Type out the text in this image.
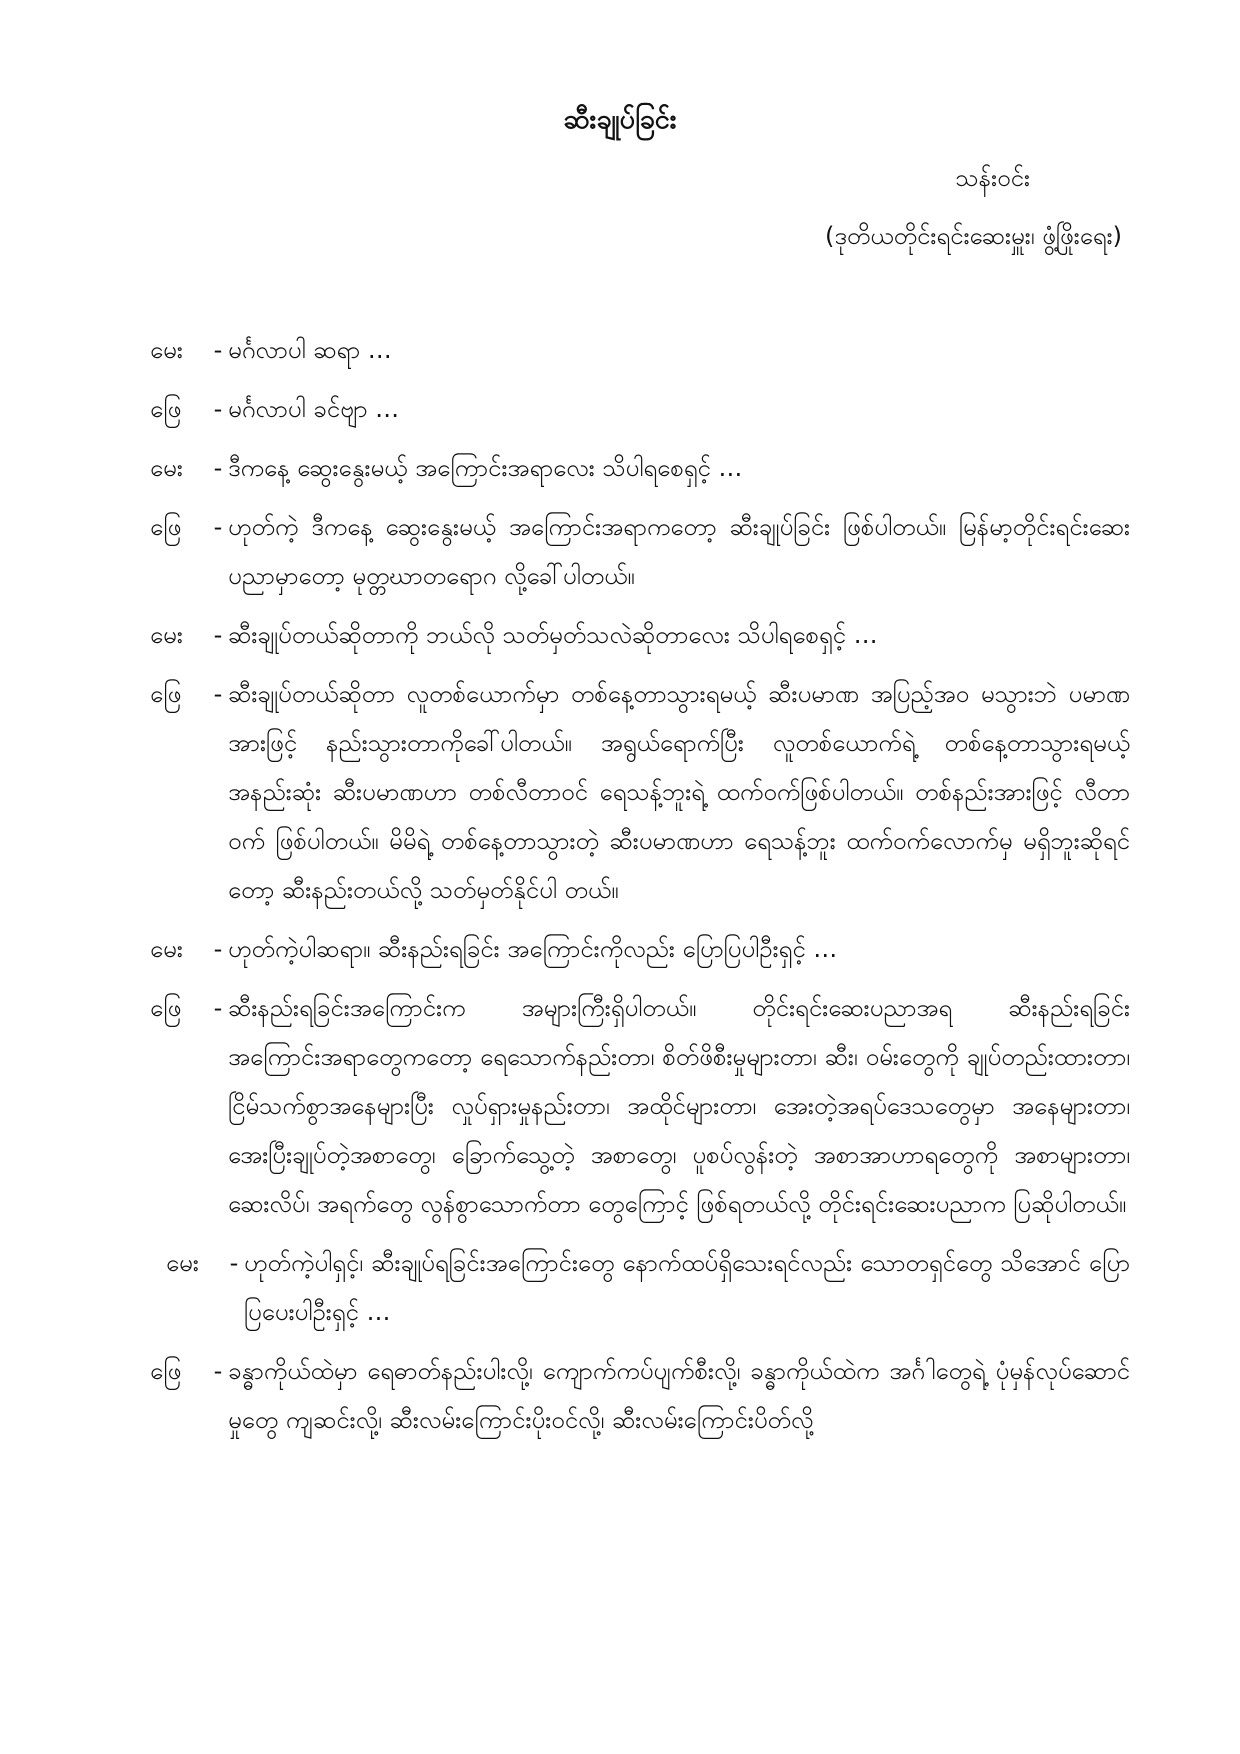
ဆီးချုပ်ခြင်း
သန်းဝင်း
(ဒုတိယတိုင်းရင်းဆေးမှူး၊ ဖွံ့ဖြိုးရေး)
မေး	- မင်္ဂလာပါ ဆရာ …
ဖြေ	- မင်္ဂလာပါ ခင်ဗျာ …
မေး	- ဒီကနေ့ ဆွေးနွေးမယ့် အကြောင်းအရာလေး သိပါရစေရှင့် …
ဖြေ	- ဟုတ်ကဲ့ ဒီကနေ့ ဆွေးနွေးမယ့် အကြောင်းအရာကတော့ ဆီးချုပ်ခြင်း ဖြစ်ပါတယ်။ မြန်မာ့တိုင်းရင်းဆေးပညာမှာတော့ မုတ္တဃာတရောဂ လို့ခေါ်ပါတယ်။
မေး	- ဆီးချုပ်တယ်ဆိုတာကို ဘယ်လို သတ်မှတ်သလဲဆိုတာလေး သိပါရစေရှင့် …
ဖြေ	- ဆီးချုပ်တယ်ဆိုတာ လူတစ်ယောက်မှာ တစ်နေ့တာသွားရမယ့် ဆီးပမာဏ အပြည့်အဝ မသွားဘဲ ပမာဏအားဖြင့် နည်းသွားတာကိုခေါ်ပါတယ်။ အရွယ်ရောက်ပြီး လူတစ်ယောက်ရဲ့ တစ်နေ့တာသွားရမယ့် အနည်းဆုံး ဆီးပမာဏဟာ တစ်လီတာဝင် ရေသန့်ဘူးရဲ့ ထက်ဝက်ဖြစ်ပါတယ်။ တစ်နည်းအားဖြင့် လီတာဝက် ဖြစ်ပါတယ်။ မိမိရဲ့ တစ်နေ့တာသွားတဲ့ ဆီးပမာဏဟာ ရေသန့်ဘူး ထက်ဝက်လောက်မှ မရှိဘူးဆိုရင်တော့ ဆီးနည်းတယ်လို့ သတ်မှတ်နိုင်ပါ တယ်။
မေး	- ဟုတ်ကဲ့ပါဆရာ။ ဆီးနည်းရခြင်း အကြောင်းကိုလည်း ပြောပြပါဦးရှင့် …
ဖြေ	- ဆီးနည်းရခြင်းအကြောင်းက အများကြီးရှိပါတယ်။ တိုင်းရင်းဆေးပညာအရ ဆီးနည်းရခြင်း အကြောင်းအရာတွေကတော့ ရေသောက်နည်းတာ၊ စိတ်ဖိစီးမှုများတာ၊ ဆီး၊ ဝမ်းတွေကို ချုပ်တည်းထားတာ၊ ငြိမ်သက်စွာအနေများပြီး လှုပ်ရှားမှုနည်းတာ၊ အထိုင်များတာ၊ အေးတဲ့အရပ်ဒေသတွေမှာ အနေများတာ၊ အေးပြီးချုပ်တဲ့အစာတွေ၊ ခြောက်သွေ့တဲ့ အစာတွေ၊ ပူစပ်လွန်းတဲ့ အစာအာဟာရတွေကို အစာများတာ၊ ဆေးလိပ်၊ အရက်တွေ လွန်စွာသောက်တာ တွေကြောင့် ဖြစ်ရတယ်လို့ တိုင်းရင်းဆေးပညာက ပြဆိုပါတယ်။
မေး	- ဟုတ်ကဲ့ပါရှင့်၊ ဆီးချုပ်ရခြင်းအကြောင်းတွေ နောက်ထပ်ရှိသေးရင်လည်း သောတရှင်တွေ သိအောင် ပြောပြပေးပါဦးရှင့် …
ဖြေ	- ခန္ဓာကိုယ်ထဲမှာ ရေဓာတ်နည်းပါးလို့၊ ကျောက်ကပ်ပျက်စီးလို့၊ ခန္ဓာကိုယ်ထဲက အင်္ဂါတွေရဲ့ ပုံမှန်လုပ်ဆောင်မှုတွေ ကျဆင်းလို့၊ ဆီးလမ်းကြောင်းပိုးဝင်လို့၊ ဆီးလမ်းကြောင်းပိတ်လို့
